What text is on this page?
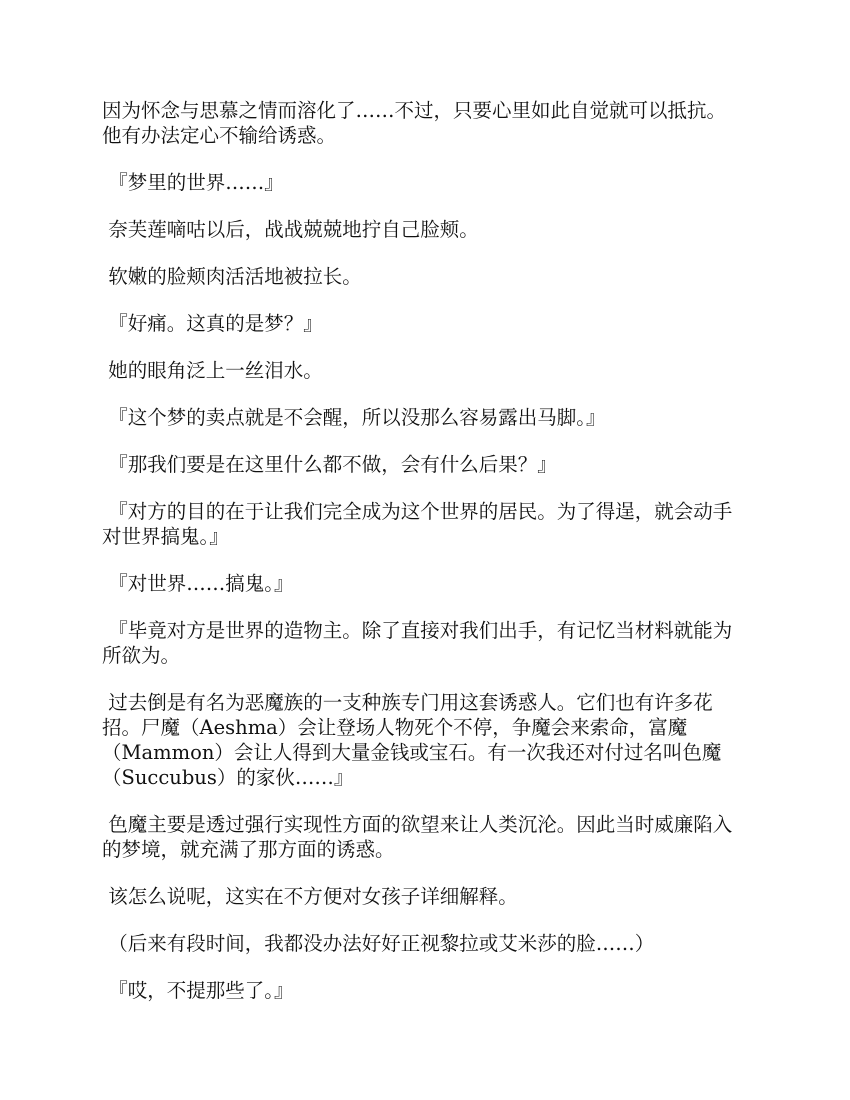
因为怀念与思慕之情而溶化了……不过，只要心里如此自觉就可以抵抗。他有办法定心不输给诱惑。

『梦里的世界……』

奈芙莲嘀咕以后，战战兢兢地拧自己脸颊。

软嫩的脸颊肉活活地被拉长。

『好痛。这真的是梦？』

她的眼角泛上一丝泪水。

『这个梦的卖点就是不会醒，所以没那么容易露出马脚。』

『那我们要是在这里什么都不做，会有什么后果？』

『对方的目的在于让我们完全成为这个世界的居民。为了得逞，就会动手对世界搞鬼。』

『对世界……搞鬼。』

『毕竟对方是世界的造物主。除了直接对我们出手，有记忆当材料就能为所欲为。

过去倒是有名为恶魔族的一支种族专门用这套诱惑人。它们也有许多花招。尸魔（Aeshma）会让登场人物死个不停，争魔会来索命，富魔（Mammon）会让人得到大量金钱或宝石。有一次我还对付过名叫色魔（Succubus）的家伙……』

色魔主要是透过强行实现性方面的欲望来让人类沉沦。因此当时威廉陷入的梦境，就充满了那方面的诱惑。

该怎么说呢，这实在不方便对女孩子详细解释。

（后来有段时间，我都没办法好好正视黎拉或艾米莎的脸……）

『哎，不提那些了。』
